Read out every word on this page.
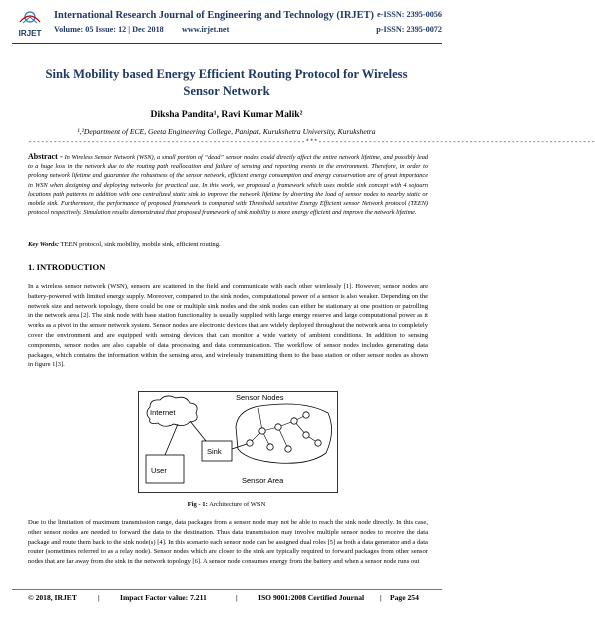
IRJET
International Research Journal of Engineering and Technology (IRJET) e-ISSN: 2395-0056
Volume: 05 Issue: 12 | Dec 2018 www.irjet.net	p-ISSN: 2395-0072
Sink Mobility based Energy Efficient Routing Protocol for Wireless Sensor Network
Diksha Pandita¹, Ravi Kumar Malik²
¹,²Department of ECE, Geeta Engineering College, Panipat, Kurukshetra University, Kurukshetra
------------------------------------------------------------------***------------------------------------------------------------------
Abstract - In Wireless Sensor Network (WSN), a small portion of “dead” sensor nodes could directly affect the entire network lifetime, and possibly lead to a huge loss in the network due to the routing path reallocation and failure of sensing and reporting events in the environment. Therefore, in order to prolong network lifetime and guarantee the robustness of the sensor network, efficient energy consumption and energy conservation are of great importance in WSN when designing and deploying networks for practical use. In this work, we proposed a framework which uses mobile sink concept with 4 sojourn locations path patterns in addition with one centralized static sink to improve the network lifetime by diverting the load of sensor nodes to nearby static or mobile sink. Furthermore, the performance of proposed framework is compared with Threshold sensitive Energy Efficient sensor Network protocol (TEEN) protocol respectively. Simulation results demonstrated that proposed framework of sink mobility is more energy efficient and improve the network lifetime.
Key Words: TEEN protocol, sink mobility, mobile sink, efficient routing.
1. INTRODUCTION
In a wireless sensor network (WSN), sensors are scattered in the field and communicate with each other wirelessly [1]. However, sensor nodes are battery-powered with limited energy supply. Moreover, compared to the sink nodes, computational power of a sensor is also weaker. Depending on the network size and network topology, there could be one or multiple sink nodes and the sink nodes can either be stationary at one position or patrolling in the network area [2]. The sink node with base station functionality is usually supplied with large energy reserve and large computational power as it works as a pivot in the sensor network system. Sensor nodes are electronic devices that are widely deployed throughout the network area to completely cover the environment and are equipped with sensing devices that can monitor a wide variety of ambient conditions. In addition to sensing components, sensor nodes are also capable of data processing and data communication. The workflow of sensor nodes includes generating data packages, which contains the information within the sensing area, and wirelessly transmitting them to the base station or other sensor nodes as shown in figure 1[3].
Internet
User
Sink
Sensor Nodes
Sensor Area
Fig - 1: Architecture of WSN
Due to the limitation of maximum transmission range, data packages from a sensor node may not be able to reach the sink node directly. In this case, other sensor nodes are needed to forward the data to the destination. Thus data transmission may involve multiple sensor nodes to receive the data package and route them back to the sink node(s) [4]. In this scenario each sensor node can be assigned dual roles [5] as both a data generator and a data router (sometimes referred to as a relay node). Sensor nodes which are closer to the sink are typically required to forward packages from other sensor nodes that are far away from the sink in the network topology [6]. A sensor node consumes energy from the battery and when a sensor node runs out
© 2018, IRJET	|	Impact Factor value: 7.211	|	ISO 9001:2008 Certified Journal | Page 254
